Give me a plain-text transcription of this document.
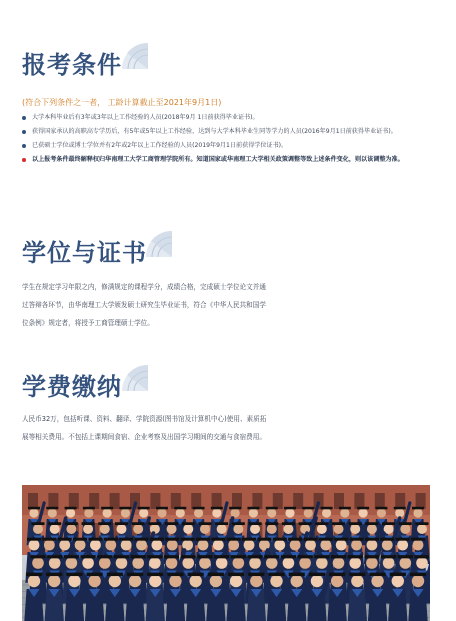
报考条件
(符合下列条件之一者， 工龄计算截止至2021年9月1日)
大学本科毕业后有3年或3年以上工作经验的人员(2018年9月 1日前获得毕业证书)。
获得国家承认的高职高专学历后，有5年或5年以上工作经验，达到与大学本科毕业生同等学力的人员(2016年9月1日前获得毕业证书)。
已获硕士学位或博士学位并有2年或2年以上工作经验的人员(2019年9月1日前获得学位证书)。
以上报考条件最终解释权归华南理工大学工商管理学院所有。知道国家或华南理工大学相关政策调整等致上述条件变化，则以该调整为准。
学位与证书
学生在规定学习年限之内，修满规定的课程学分，成绩合格，完成硕士学位论文并通
过答辩各环节，由华南理工大学颁发硕士研究生毕业证书，符合《中华人民共和国学
位条例》规定者，将授予工商管理硕士学位。
学费缴纳
人民币32万，包括听课、资料、翻译、学院资源(图书馆及计算机中心)使用、素质拓
展等相关费用。不包括上课期间食宿、企业考察及出国学习期间的交通与食宿费用。
